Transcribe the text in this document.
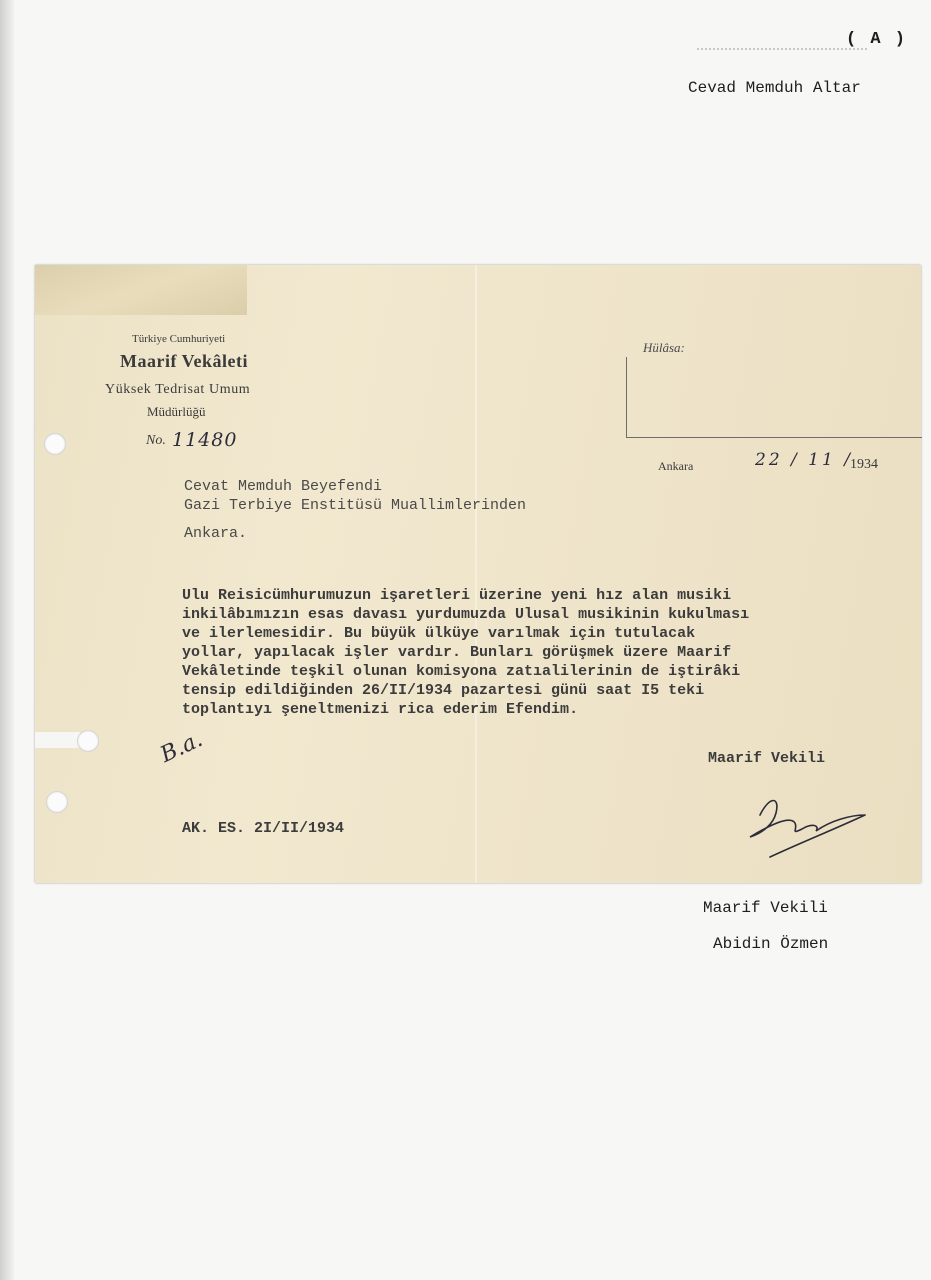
( A )
Cevad Memduh Altar
Türkiye Cumhuriyeti
Maarif Vekâleti
Yüksek Tedrisat Umum
Müdürlüğü
No. 11480
Hülâsa:
Ankara	22 / 11 /
1934
Cevat Memduh Beyefendi
Gazi Terbiye Enstitüsü Muallimlerinden
Ankara.
Ulu Reisicümhurumuzun işaretleri üzerine yeni hız alan musiki
inkilâbımızın esas davası yurdumuzda Ulusal musikinin kukulması
ve ilerlemesidir. Bu büyük ülküye varılmak için tutulacak
yollar, yapılacak işler vardır. Bunları görüşmek üzere Maarif
Vekâletinde teşkil olunan komisyona zatıalilerinin de iştirâki
tensip edildiğinden 26/II/1934 pazartesi günü saat I5 teki
toplantıyı şeneltmenizi rica ederim Efendim.
B.a.	Maarif Vekili
AK. ES. 2I/II/1934
Maarif Vekili
Abidin Özmen
